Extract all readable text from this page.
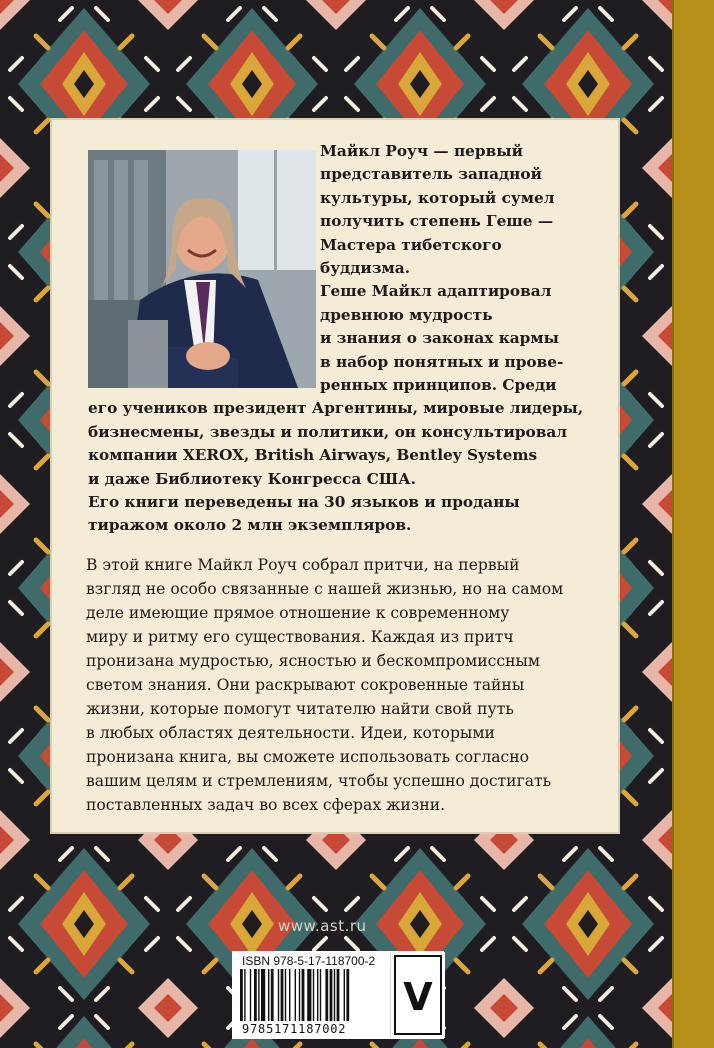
Майкл Роуч — первый

представитель западной

культуры, который сумел

получить степень Геше —

Мастера тибетского

буддизма.

Геше Майкл адаптировал

древнюю мудрость

и знания о законах кармы

в набор понятных и прове-

ренных принципов. Среди

его учеников президент Аргентины, мировые лидеры,

бизнесмены, звезды и политики, он консультировал

компании XEROX, British Airways, Bentley Systems

и даже Библиотеку Конгресса США.

Его книги переведены на 30 языков и проданы

тиражом около 2 млн экземпляров.

В этой книге Майкл Роуч собрал притчи, на первый
взгляд не особо связанные с нашей жизнью, но на самом
деле имеющие прямое отношение к современному
миру и ритму его существования. Каждая из притч
пронизана мудростью, ясностью и бескомпромиссным
светом знания. Они раскрывают сокровенные тайны
жизни, которые помогут читателю найти свой путь
в любых областях деятельности. Идеи, которыми
пронизана книга, вы сможете использовать согласно
вашим целям и стремлениям, чтобы успешно достигать
поставленных задач во всех сферах жизни.
www.ast.ru
ISBN 978-5-17-118700-2
9785171187002
V
